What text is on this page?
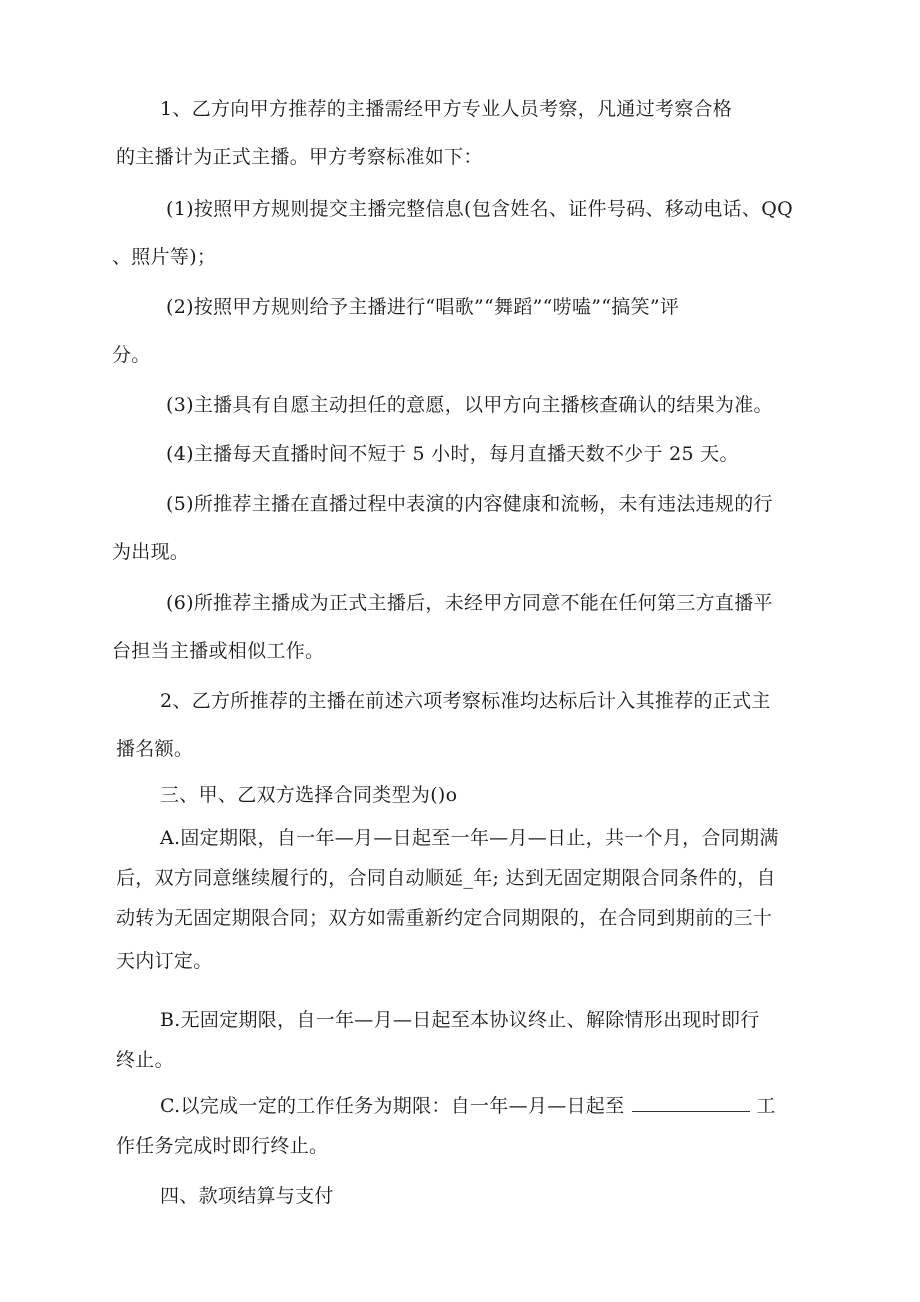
1、乙方向甲方推荐的主播需经甲方专业人员考察，凡通过考察合格
的主播计为正式主播。甲方考察标准如下：
(1)按照甲方规则提交主播完整信息(包含姓名、证件号码、移动电话、QQ
、照片等)；
(2)按照甲方规则给予主播进行“唱歌”“舞蹈”“唠嗑”“搞笑”评
分。
(3)主播具有自愿主动担任的意愿，以甲方向主播核查确认的结果为准。
(4)主播每天直播时间不短于 5 小时，每月直播天数不少于 25 天。
(5)所推荐主播在直播过程中表演的内容健康和流畅，未有违法违规的行
为出现。
(6)所推荐主播成为正式主播后，未经甲方同意不能在任何第三方直播平
台担当主播或相似工作。
2、乙方所推荐的主播在前述六项考察标准均达标后计入其推荐的正式主
播名额。
三、甲、乙双方选择合同类型为()o
A.固定期限，自一年—月—日起至一年—月—日止，共一个月，合同期满
后，双方同意继续履行的，合同自动顺延_年; 达到无固定期限合同条件的，自
动转为无固定期限合同；双方如需重新约定合同期限的，在合同到期前的三十
天内订定。
B.无固定期限，自一年—月—日起至本协议终止、解除情形出现时即行
终止。
C.以完成一定的工作任务为期限：自一年—月—日起至	工
作任务完成时即行终止。
四、款项结算与支付
